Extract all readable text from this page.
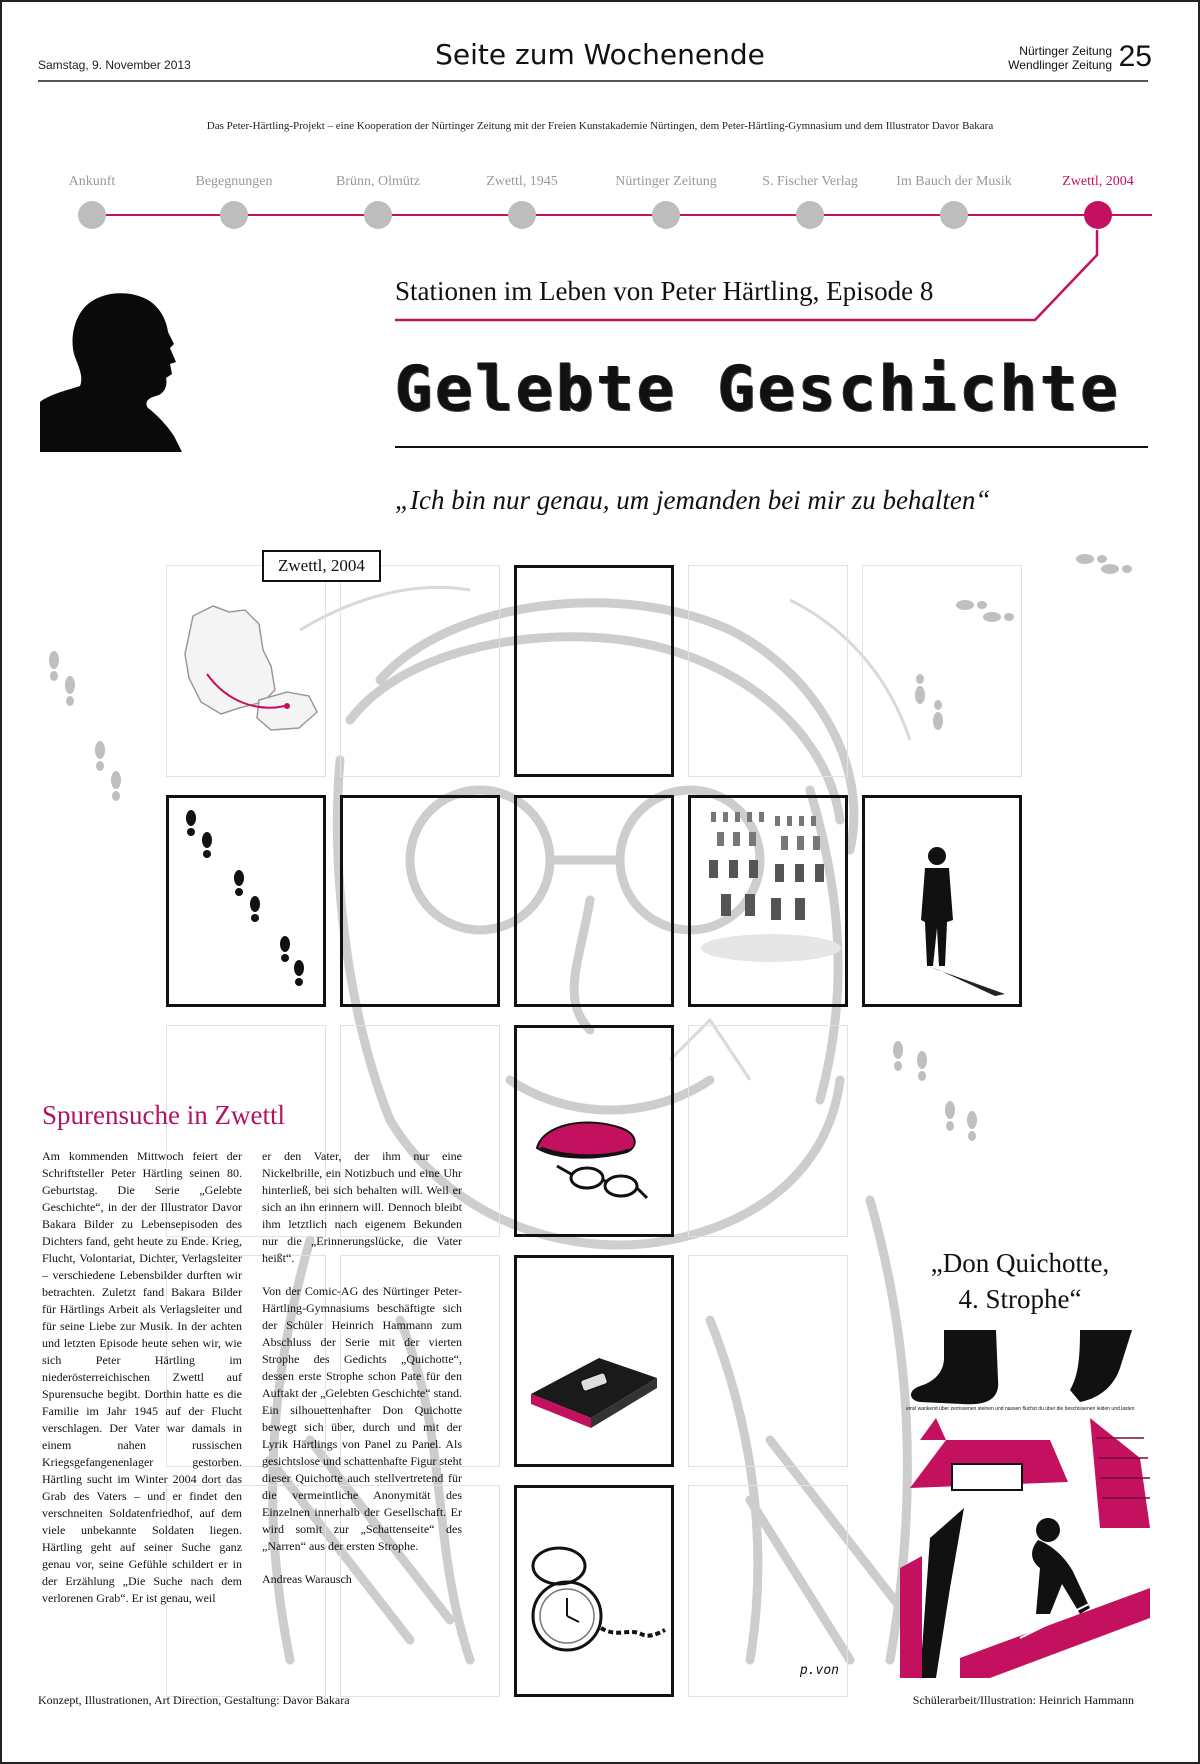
Samstag, 9. November 2013	Seite zum Wochenende	Nürtinger Zeitung
Wendlinger Zeitung 25
Das Peter-Härtling-Projekt – eine Kooperation der Nürtinger Zeitung mit der Freien Kunstakademie Nürtingen, dem Peter-Härtling-Gymnasium und dem Illustrator Davor Bakara
Ankunft	Begegnungen	Brünn, Olmütz	Zwettl, 1945	Nürtinger Zeitung	S. Fischer Verlag	Im Bauch der Musik	Zwettl, 2004
Stationen im Leben von Peter Härtling, Episode 8
Gelebte Geschichte
„Ich bin nur genau, um jemanden bei mir zu behalten“
Zwettl, 2004
p.von
Spurensuche in Zwettl

Am kommenden Mittwoch feiert der Schriftsteller Peter Härtling seinen 80. Geburtstag. Die Serie „Gelebte Geschichte“, in der der Illustrator Davor Bakara Bilder zu Lebensepisoden des Dichters fand, geht heute zu Ende. Krieg, Flucht, Volontariat, Dichter, Verlagsleiter – verschiedene Lebensbilder durften wir betrachten. Zuletzt fand Bakara Bilder für Härtlings Arbeit als Verlagsleiter und für seine Liebe zur Musik. In der achten und letzten Episode heute sehen wir, wie sich Peter Härtling im niederösterreichischen Zwettl auf Spurensuche begibt. Dorthin hatte es die Familie im Jahr 1945 auf der Flucht verschlagen. Der Vater war damals in einem nahen russischen Kriegsgefangenenlager gestorben. Härtling sucht im Winter 2004 dort das Grab des Vaters – und er findet den verschneiten Soldatenfriedhof, auf dem viele unbekannte Soldaten liegen. Härtling geht auf seiner Suche ganz genau vor, seine Gefühle schildert er in der Erzählung „Die Suche nach dem verlorenen Grab“. Er ist genau, weil

er den Vater, der ihm nur eine Nickelbrille, ein Notizbuch und eine Uhr hinterließ, bei sich behalten will. Weil er sich an ihn erinnern will. Dennoch bleibt ihm letztlich nach eigenem Bekunden nur die „Erinnerungslücke, die Vater heißt“.

Von der Comic-AG des Nürtinger Peter-Härtling-Gymnasiums beschäftigte sich der Schüler Heinrich Hammann zum Abschluss der Serie mit der vierten Strophe des Gedichts „Quichotte“, dessen erste Strophe schon Pate für den Auftakt der „Gelebten Geschichte“ stand. Ein silhouettenhafter Don Quichotte bewegt sich über, durch und mit der Lyrik Härtlings von Panel zu Panel. Als gesichtslose und schattenhafte Figur steht dieser Quichotte auch stellvertretend für die vermeintliche Anonymität des Einzelnen innerhalb der Gesellschaft. Er wird somit zur „Schattenseite“ des „Narren“ aus der ersten Strophe.

Andreas Warausch

„Don Quichotte,
4. Strophe“
einsl wankend über zerrissenen steinen und nassen fluchst du über die beschissenen leiden und lasten
Konzept, Illustrationen, Art Direction, Gestaltung: Davor Bakara	Schülerarbeit/Illustration: Heinrich Hammann
